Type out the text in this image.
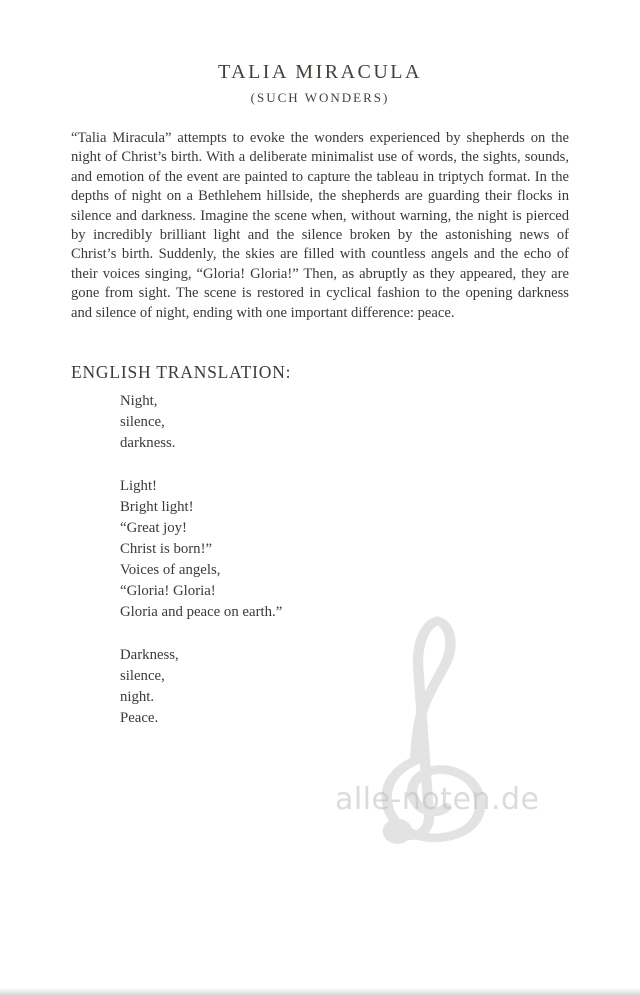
TALIA MIRACULA
(SUCH WONDERS)
“Talia Miracula” attempts to evoke the wonders experienced by shepherds on the night of Christ’s birth. With a deliberate minimalist use of words, the sights, sounds, and emotion of the event are painted to capture the tableau in triptych format. In the depths of night on a Bethlehem hillside, the shepherds are guarding their flocks in silence and darkness. Imagine the scene when, without warning, the night is pierced by incredibly brilliant light and the silence broken by the astonishing news of Christ’s birth. Suddenly, the skies are filled with countless angels and the echo of their voices singing, “Gloria! Gloria!” Then, as abruptly as they appeared, they are gone from sight. The scene is restored in cyclical fashion to the opening darkness and silence of night, ending with one important difference: peace.
ENGLISH TRANSLATION:
Night,
silence,
darkness.
Light!
Bright light!
“Great joy!
Christ is born!”
Voices of angels,
“Gloria! Gloria!
Gloria and peace on earth.”
Darkness,
silence,
night.
Peace.
alle-noten.de
